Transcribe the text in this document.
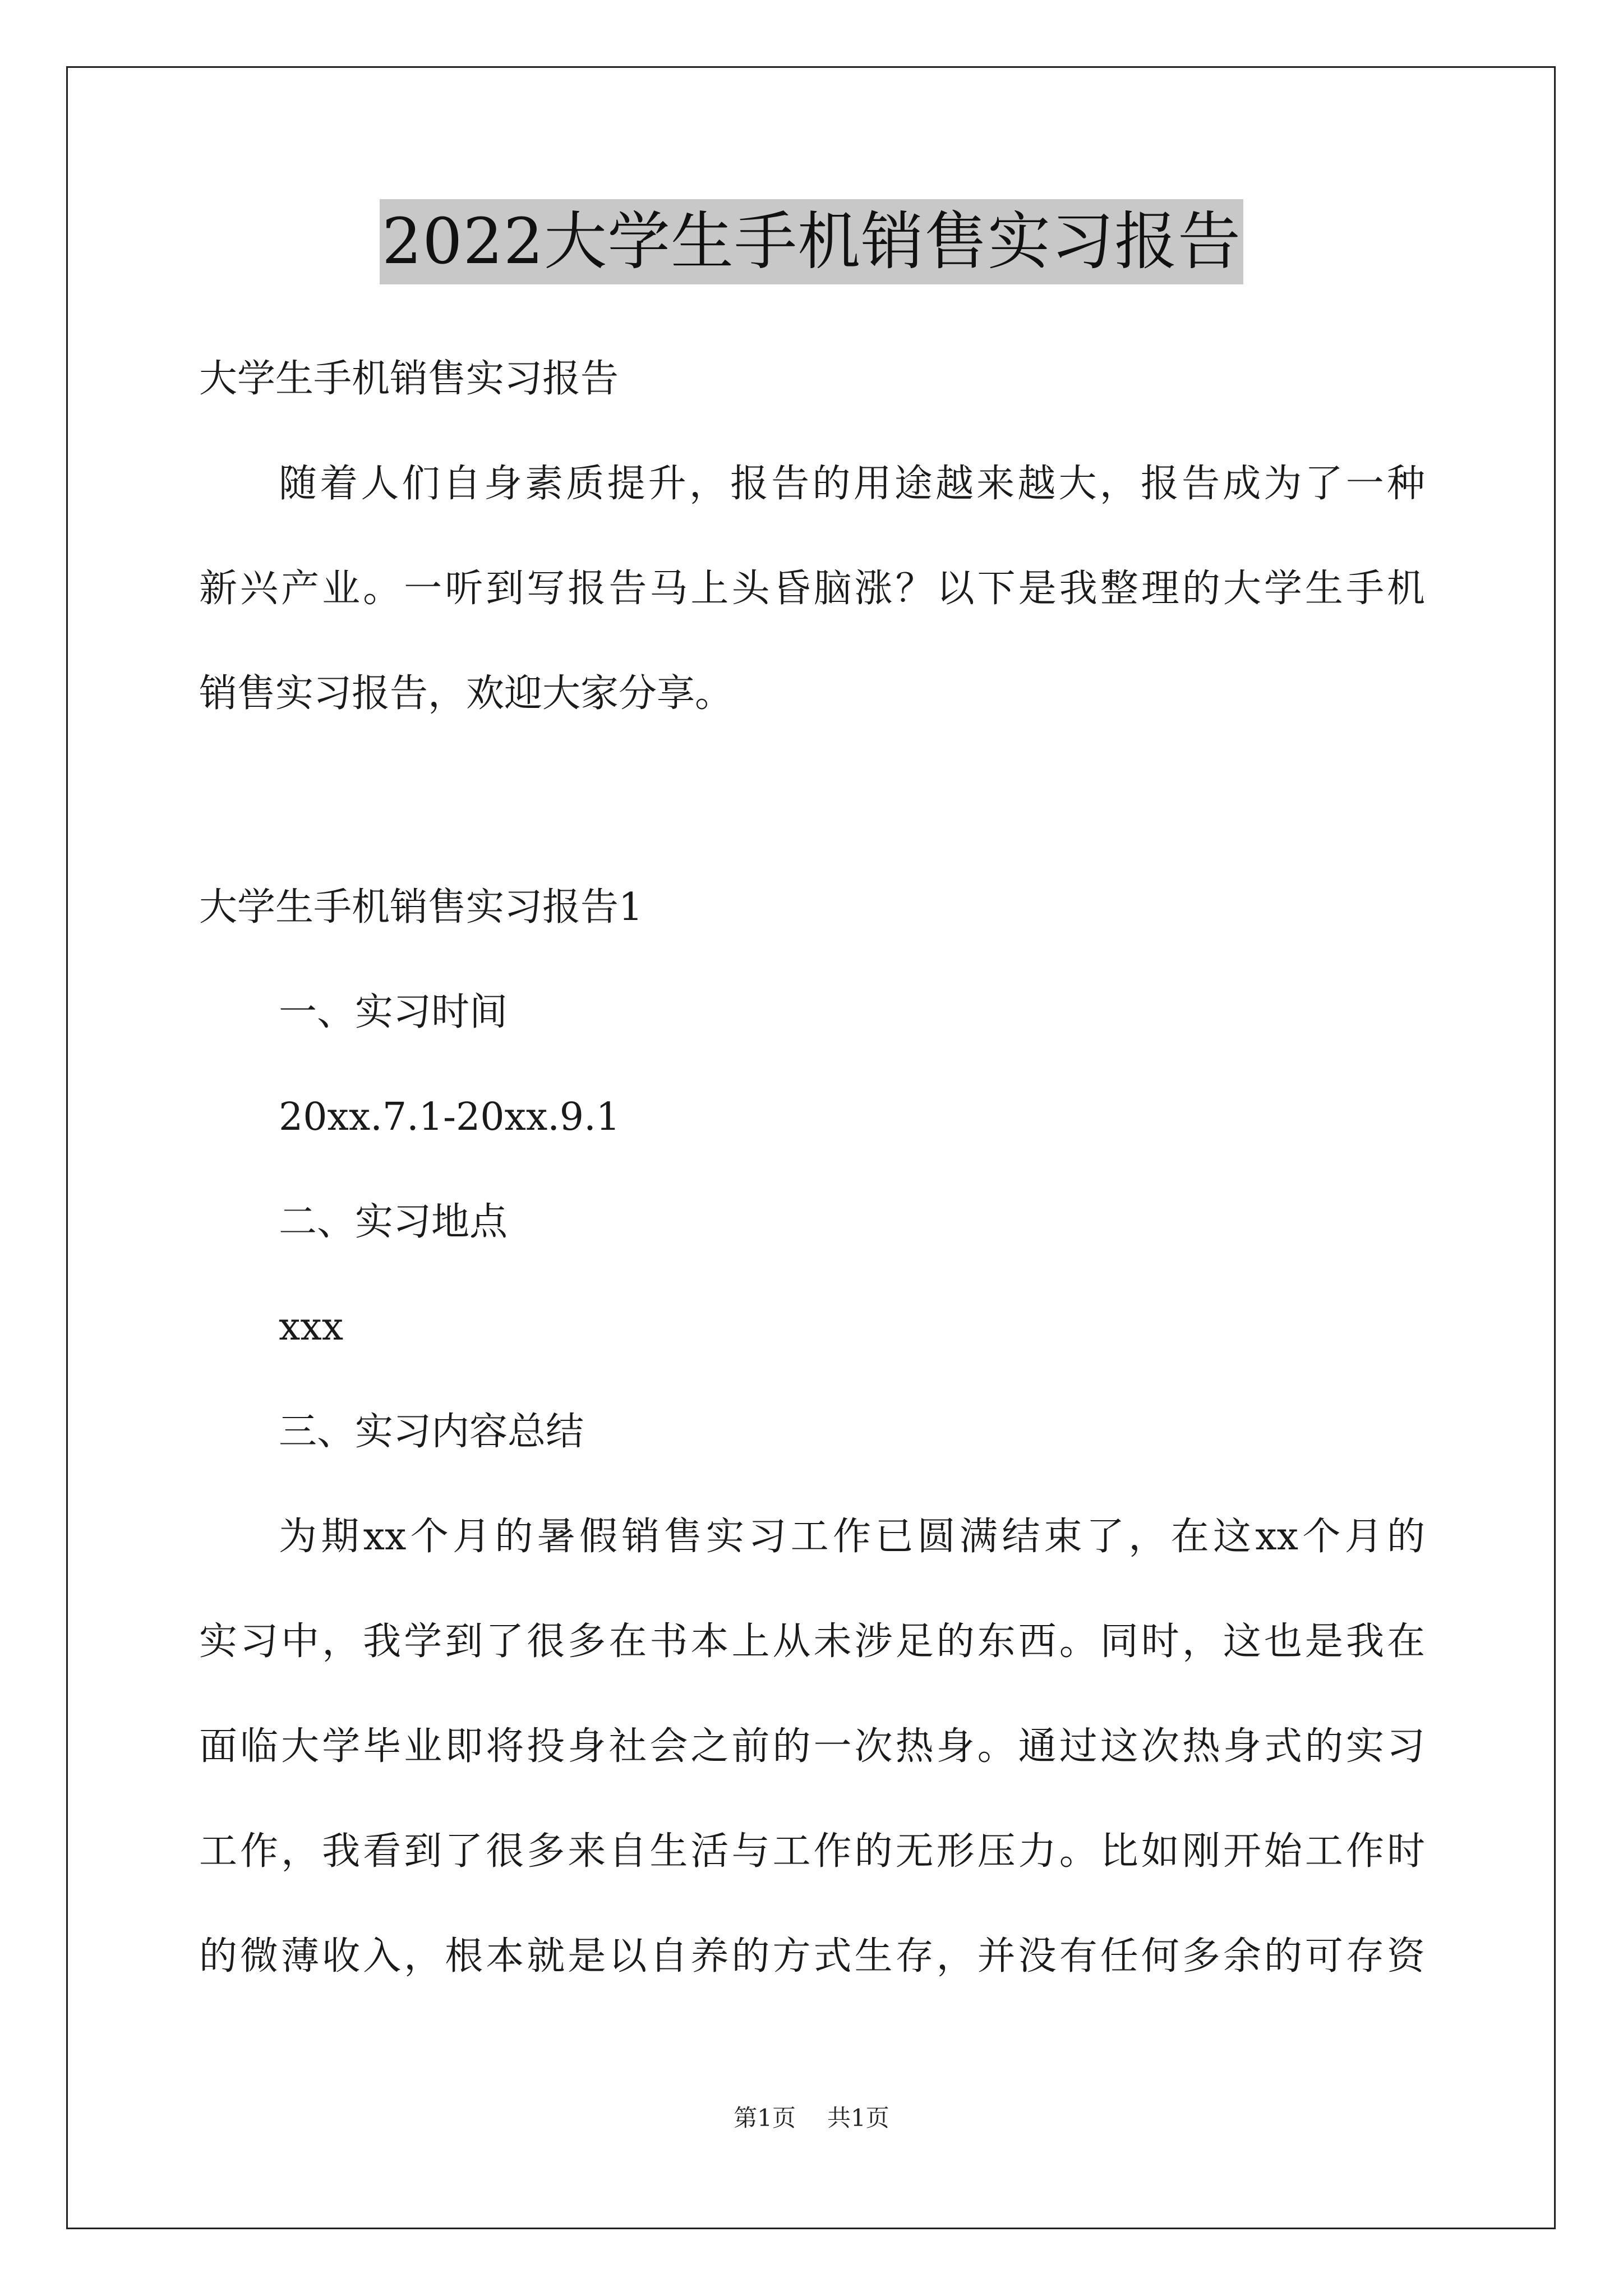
2022大学生手机销售实习报告
大学生手机销售实习报告
随着人们自身素质提升，报告的用途越来越大，报告成为了一种
新兴产业。一听到写报告马上头昏脑涨？以下是我整理的大学生手机
销售实习报告，欢迎大家分享。
大学生手机销售实习报告1
一、实习时间
20xx.7.1-20xx.9.1
二、实习地点
xxx
三、实习内容总结
为期xx个月的暑假销售实习工作已圆满结束了，在这xx个月的
实习中，我学到了很多在书本上从未涉足的东西。同时，这也是我在
面临大学毕业即将投身社会之前的一次热身。通过这次热身式的实习
工作，我看到了很多来自生活与工作的无形压力。比如刚开始工作时
的微薄收入，根本就是以自养的方式生存，并没有任何多余的可存资
第1页 共1页
